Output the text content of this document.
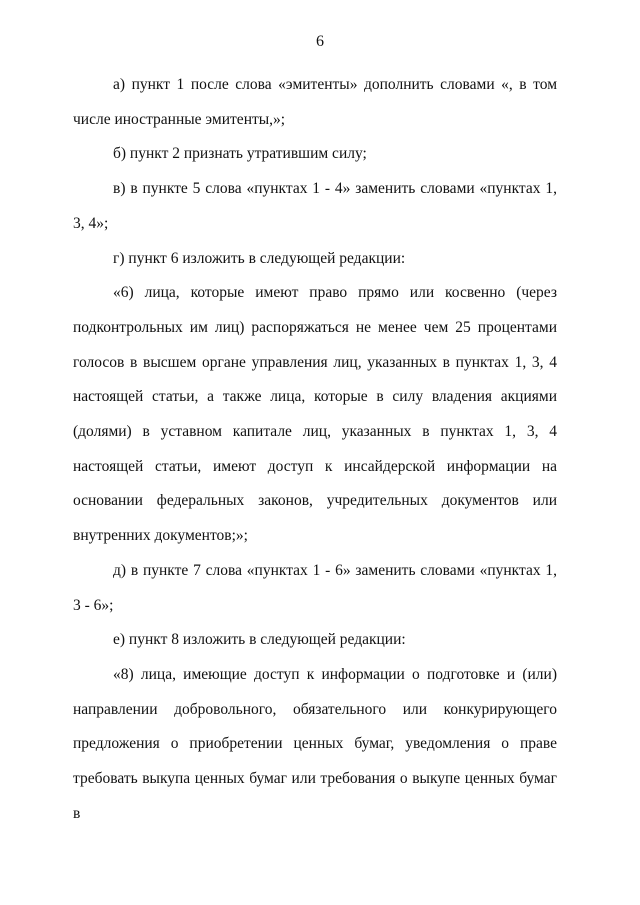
6

а) пункт 1 после слова «эмитенты» дополнить словами «, в том числе иностранные эмитенты,»;

б) пункт 2 признать утратившим силу;

в) в пункте 5 слова «пунктах 1 - 4» заменить словами «пунктах 1, 3, 4»;

г) пункт 6 изложить в следующей редакции:

«6) лица, которые имеют право прямо или косвенно (через подконтрольных им лиц) распоряжаться не менее чем 25 процентами голосов в высшем органе управления лиц, указанных в пунктах 1, 3, 4 настоящей статьи, а также лица, которые в силу владения акциями (долями) в уставном капитале лиц, указанных в пунктах 1, 3, 4 настоящей статьи, имеют доступ к инсайдерской информации на основании федеральных законов, учредительных документов или внутренних документов;»;

д) в пункте 7 слова «пунктах 1 - 6» заменить словами «пунктах 1, 3 - 6»;

е) пункт 8 изложить в следующей редакции:

«8) лица, имеющие доступ к информации о подготовке и (или) направлении добровольного, обязательного или конкурирующего предложения о приобретении ценных бумаг, уведомления о праве требовать выкупа ценных бумаг или требования о выкупе ценных бумаг в
